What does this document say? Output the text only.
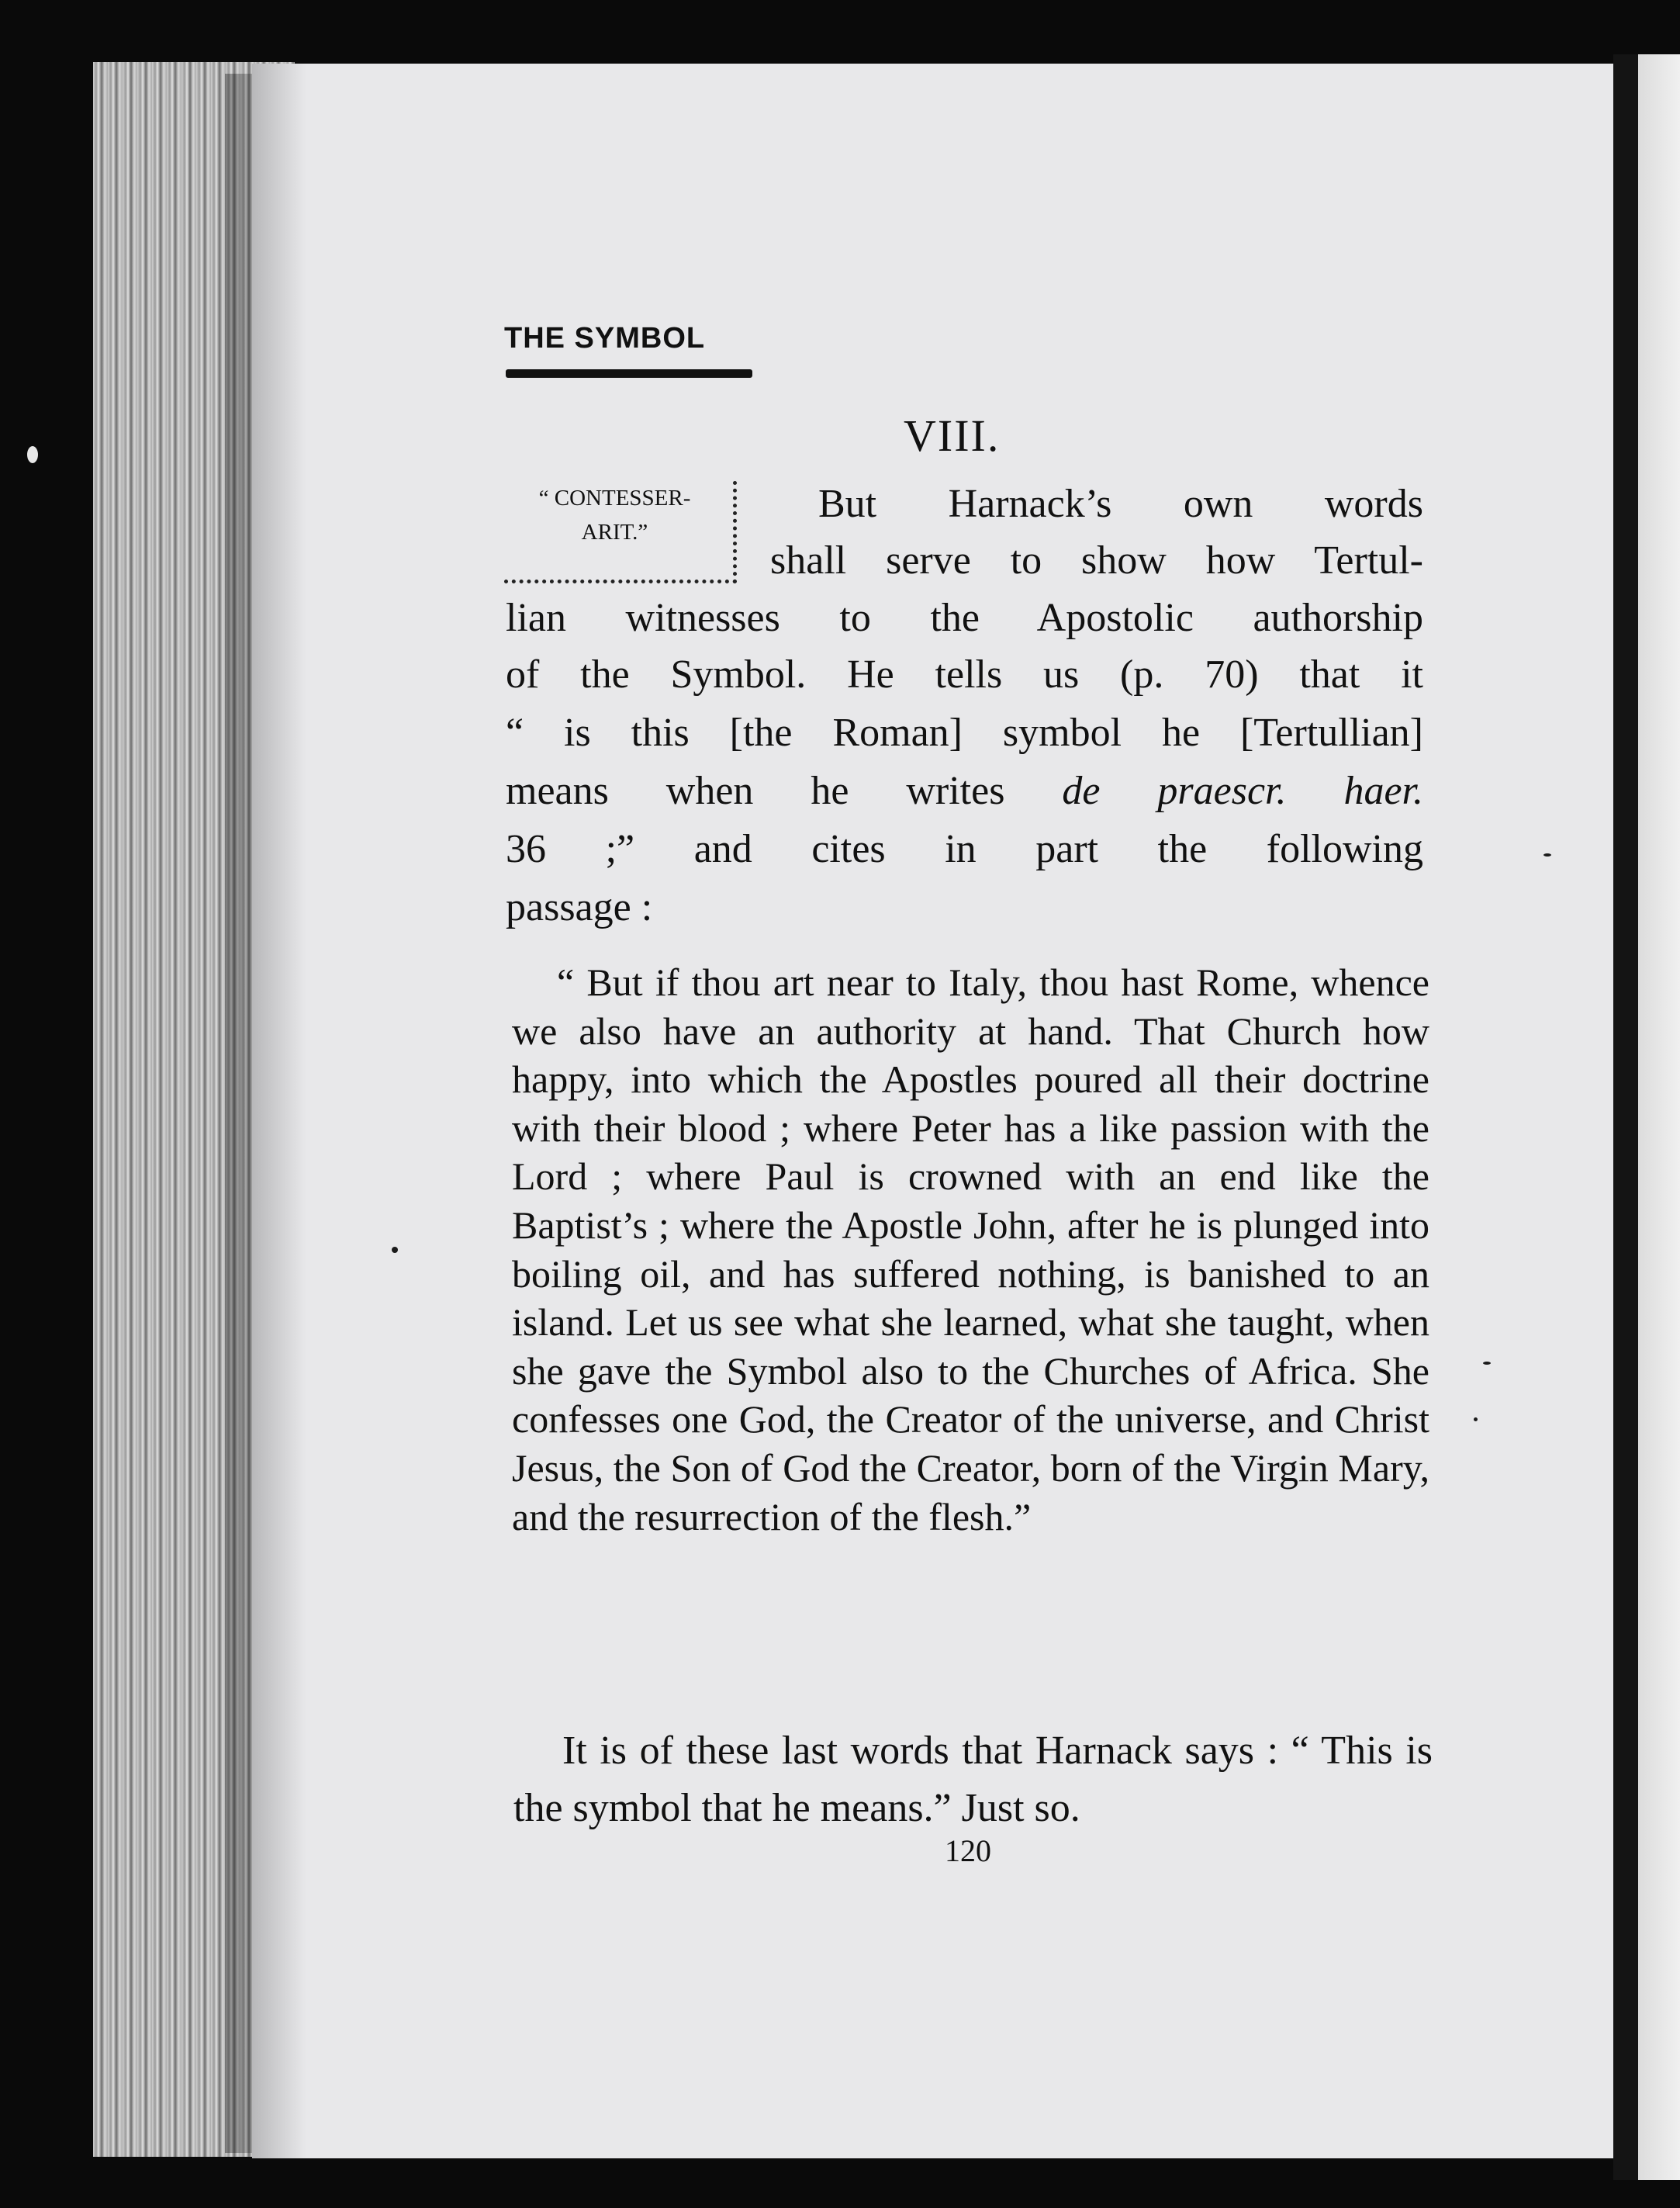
THE SYMBOL
VIII.
“ CONTESSER-
ARIT.”
But Harnack’s own words
shall serve to show how Tertul-
lian witnesses to the Apostolic authorship
of the Symbol. He tells us (p. 70) that it
“ is this [the Roman] symbol he [Tertullian]
means when he writes de praescr. haer.
36 ;” and cites in part the following
passage :
“ But if thou art near to Italy, thou hast Rome, whence we also have an authority at hand. That Church how happy, into which the Apostles poured all their doctrine with their blood ; where Peter has a like passion with the Lord ; where Paul is crowned with an end like the Baptist’s ; where the Apostle John, after he is plunged into boiling oil, and has suffered nothing, is banished to an island. Let us see what she learned, what she taught, when she gave the Symbol also to the Churches of Africa. She confesses one God, the Creator of the universe, and Christ Jesus, the Son of God the Creator, born of the Virgin Mary, and the resurrection of the flesh.”
It is of these last words that Harnack says : “ This is the symbol that he means.” Just so.
120
